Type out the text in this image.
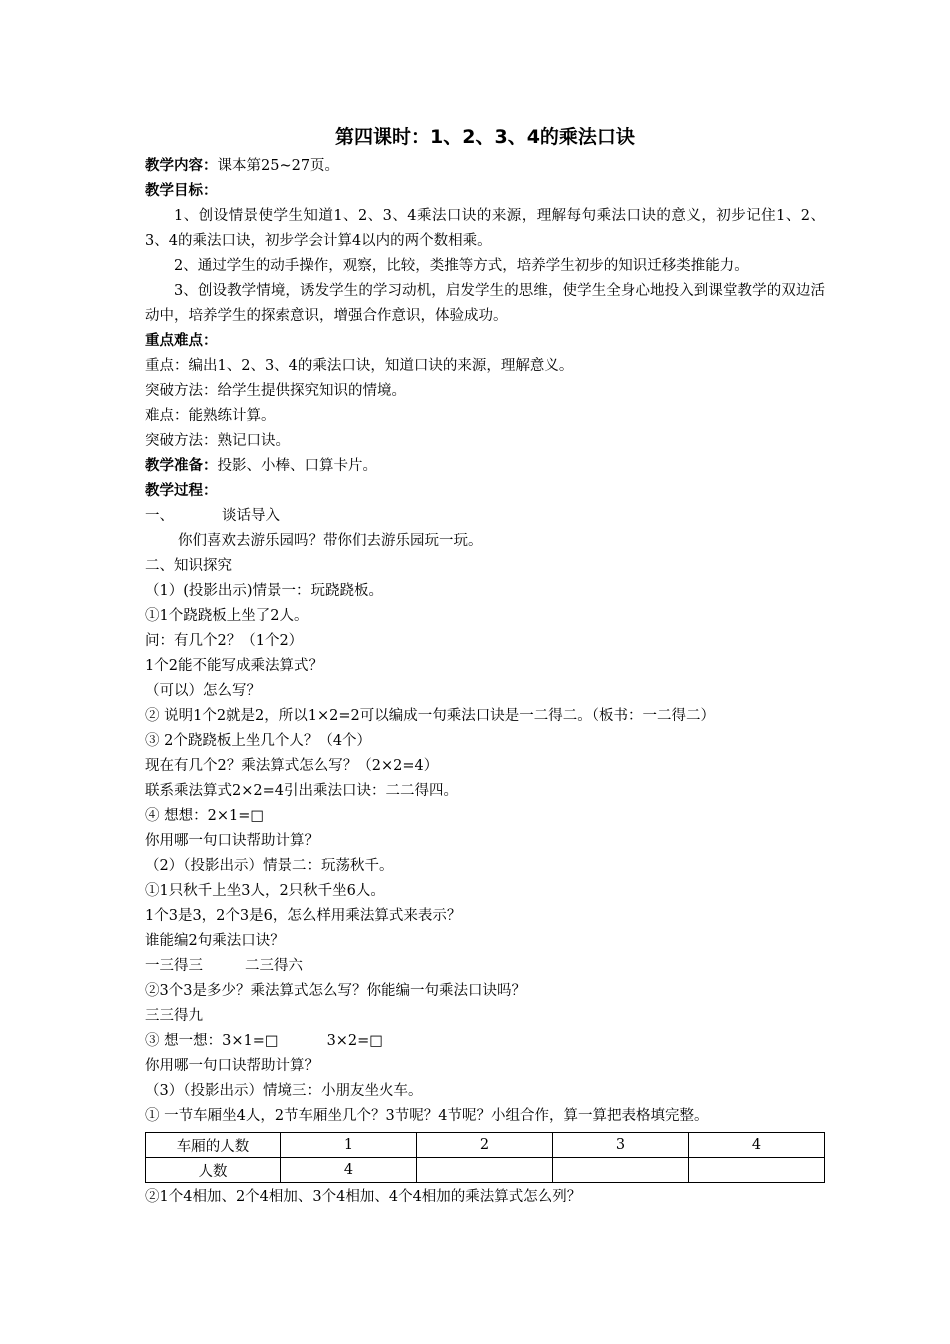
第四课时：1、2、3、4的乘法口诀

教学内容：课本第25~27页。

教学目标：

1、创设情景使学生知道1、2、3、4乘法口诀的来源，理解每句乘法口诀的意义，初步记住1、2、3、4的乘法口诀，初步学会计算4以内的两个数相乘。

2、通过学生的动手操作，观察，比较，类推等方式，培养学生初步的知识迁移类推能力。

3、创设教学情境，诱发学生的学习动机，启发学生的思维，使学生全身心地投入到课堂教学的双边活动中，培养学生的探索意识，增强合作意识，体验成功。

重点难点：

重点：编出1、2、3、4的乘法口诀，知道口诀的来源，理解意义。

突破方法：给学生提供探究知识的情境。

难点：能熟练计算。

突破方法：熟记口诀。

教学准备：投影、小棒、口算卡片。

教学过程：

一、	谈话导入

你们喜欢去游乐园吗？带你们去游乐园玩一玩。

二、知识探究

（1）(投影出示)情景一：玩跷跷板。

①1个跷跷板上坐了2人。

问：有几个2？（1个2）

1个2能不能写成乘法算式？

（可以）怎么写？

② 说明1个2就是2，所以1×2=2可以编成一句乘法口诀是一二得二。（板书：一二得二）

③ 2个跷跷板上坐几个人？（4个）

现在有几个2？乘法算式怎么写？（2×2=4）

联系乘法算式2×2=4引出乘法口诀：二二得四。

④ 想想：2×1=□

你用哪一句口诀帮助计算？

（2）（投影出示）情景二：玩荡秋千。

①1只秋千上坐3人，2只秋千坐6人。

1个3是3，2个3是6，怎么样用乘法算式来表示？

谁能编2句乘法口诀？

一三得三	二三得六

②3个3是多少？乘法算式怎么写？你能编一句乘法口诀吗？

三三得九

③ 想一想：3×1=□	3×2=□

你用哪一句口诀帮助计算？

（3）（投影出示）情境三：小朋友坐火车。

① 一节车厢坐4人，2节车厢坐几个？3节呢？4节呢？小组合作，算一算把表格填完整。

车厢的人数	1	2	3	4
人数	4			

②1个4相加、2个4相加、3个4相加、4个4相加的乘法算式怎么列？
